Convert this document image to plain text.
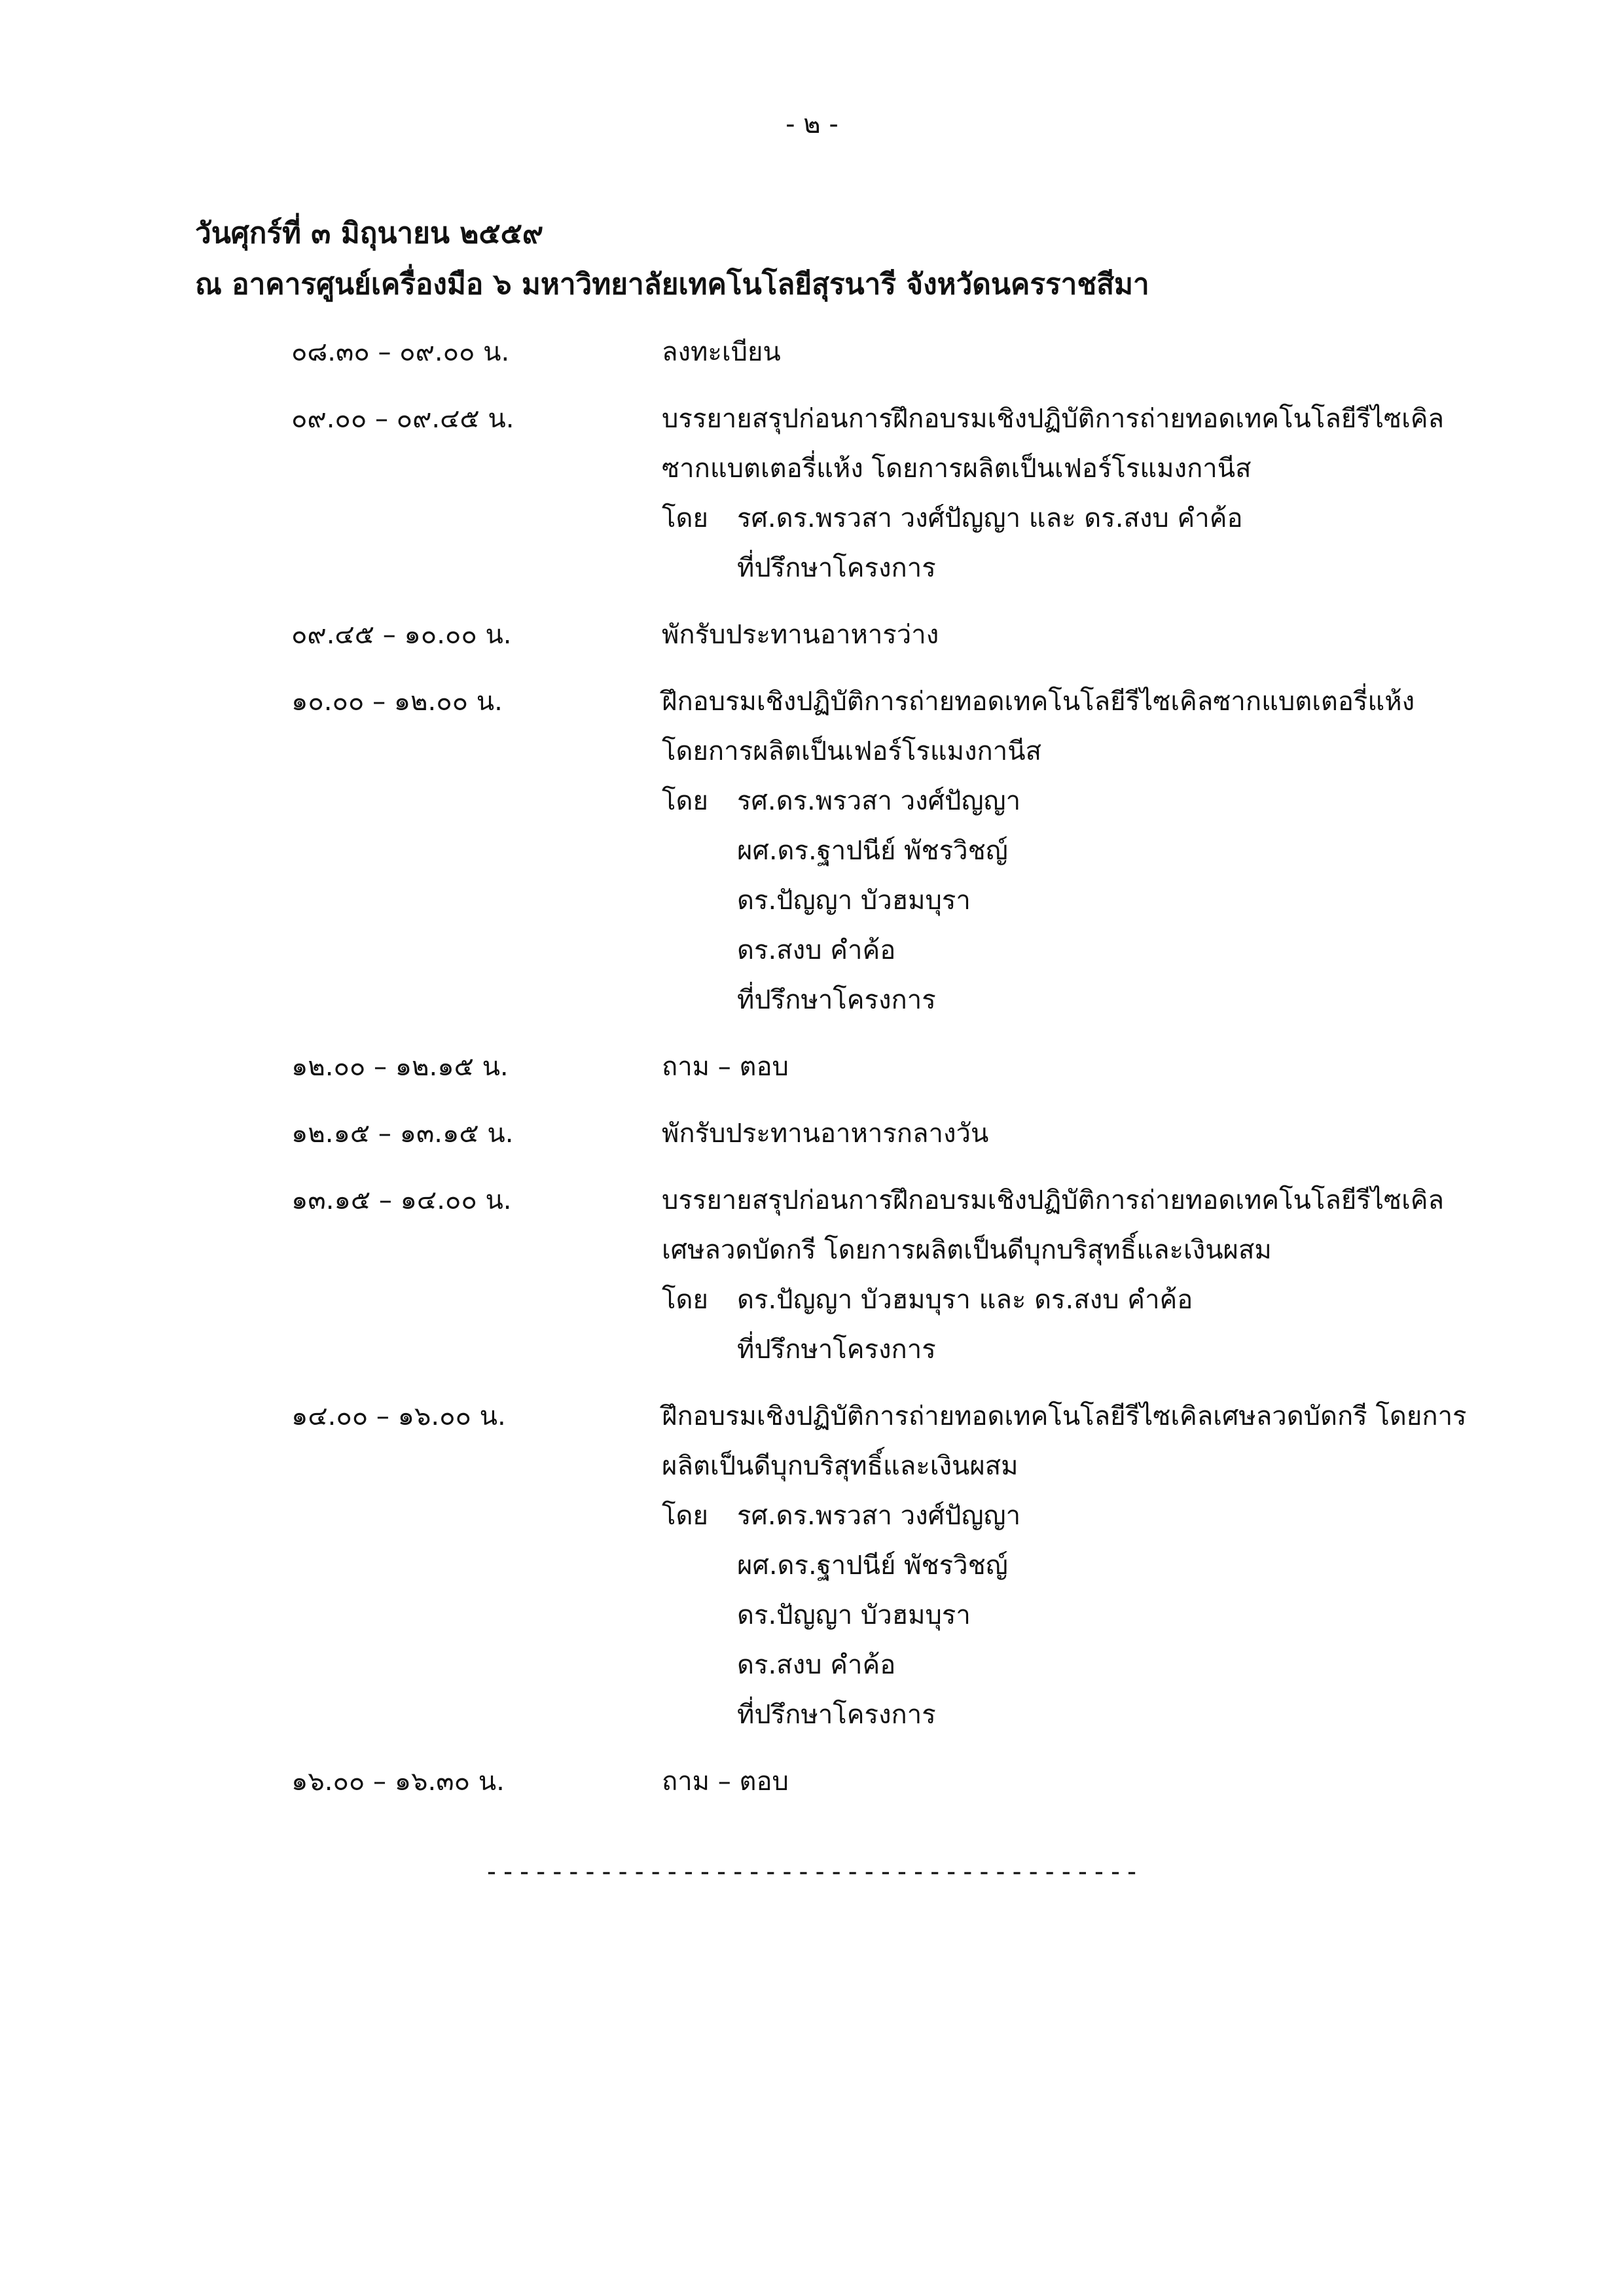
- ๒ -
วันศุกร์ที่ ๓ มิถุนายน ๒๕๕๙
ณ อาคารศูนย์เครื่องมือ ๖ มหาวิทยาลัยเทคโนโลยีสุรนารี จังหวัดนครราชสีมา
๐๘.๓๐ – ๐๙.๐๐ น.	ลงทะเบียน
๐๙.๐๐ – ๐๙.๔๕ น.	บรรยายสรุปก่อนการฝึกอบรมเชิงปฏิบัติการถ่ายทอดเทคโนโลยีรีไซเคิล
ซากแบตเตอรี่แห้ง โดยการผลิตเป็นเฟอร์โรแมงกานีส
โดย	รศ.ดร.พรวสา วงศ์ปัญญา และ ดร.สงบ คำค้อ
ที่ปรึกษาโครงการ
๐๙.๔๕ – ๑๐.๐๐ น.	พักรับประทานอาหารว่าง
๑๐.๐๐ – ๑๒.๐๐ น.	ฝึกอบรมเชิงปฏิบัติการถ่ายทอดเทคโนโลยีรีไซเคิลซากแบตเตอรี่แห้ง
โดยการผลิตเป็นเฟอร์โรแมงกานีส
โดย	รศ.ดร.พรวสา วงศ์ปัญญา
ผศ.ดร.ฐาปนีย์ พัชรวิชญ์
ดร.ปัญญา บัวฮมบุรา
ดร.สงบ คำค้อ
ที่ปรึกษาโครงการ
๑๒.๐๐ – ๑๒.๑๕ น.	ถาม – ตอบ
๑๒.๑๕ – ๑๓.๑๕ น.	พักรับประทานอาหารกลางวัน
๑๓.๑๕ – ๑๔.๐๐ น.	บรรยายสรุปก่อนการฝึกอบรมเชิงปฏิบัติการถ่ายทอดเทคโนโลยีรีไซเคิล
เศษลวดบัดกรี โดยการผลิตเป็นดีบุกบริสุทธิ์และเงินผสม
โดย	ดร.ปัญญา บัวฮมบุรา และ ดร.สงบ คำค้อ
ที่ปรึกษาโครงการ
๑๔.๐๐ – ๑๖.๐๐ น.	ฝึกอบรมเชิงปฏิบัติการถ่ายทอดเทคโนโลยีรีไซเคิลเศษลวดบัดกรี โดยการ
ผลิตเป็นดีบุกบริสุทธิ์และเงินผสม
โดย	รศ.ดร.พรวสา วงศ์ปัญญา
ผศ.ดร.ฐาปนีย์ พัชรวิชญ์
ดร.ปัญญา บัวฮมบุรา
ดร.สงบ คำค้อ
ที่ปรึกษาโครงการ
๑๖.๐๐ – ๑๖.๓๐ น.	ถาม – ตอบ
----------------------------------------
